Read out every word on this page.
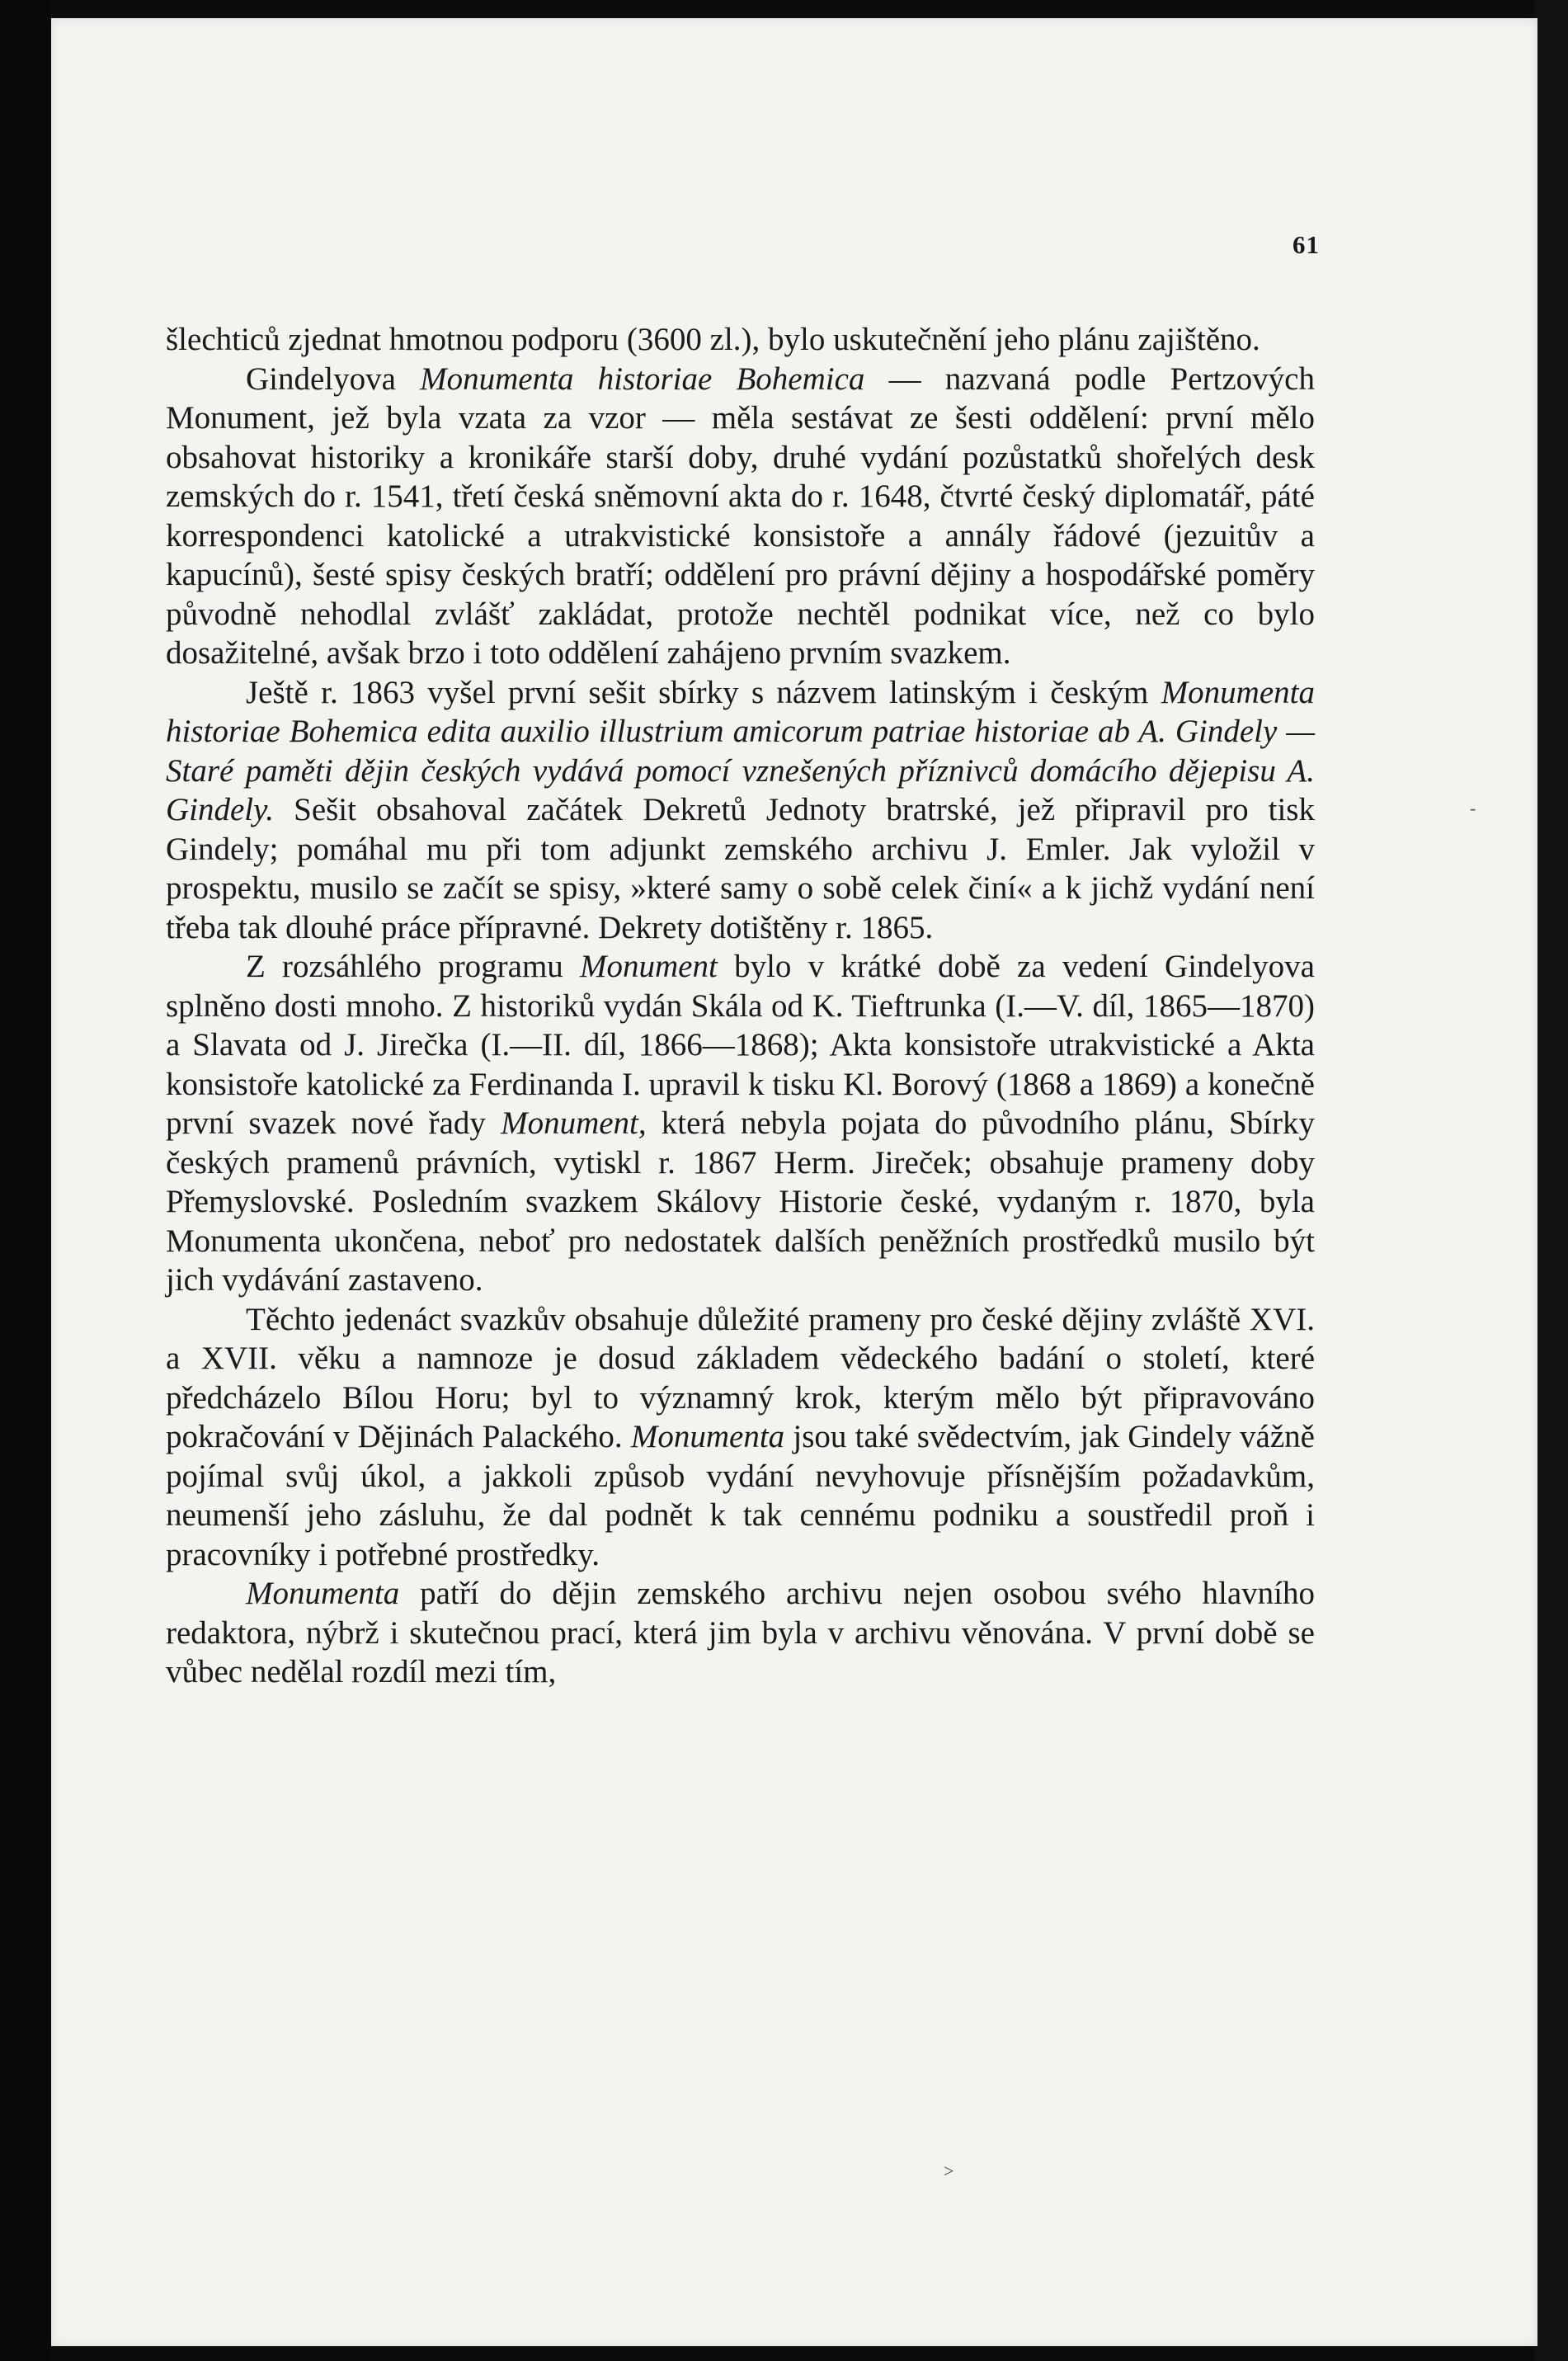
61

šlechticů zjednat hmotnou podporu (3600 zl.), bylo uskutečnění jeho plánu zajištěno.

Gindelyova Monumenta historiae Bohemica — nazvaná podle Pertzových Monument, jež byla vzata za vzor — měla sestávat ze šesti oddělení: první mělo obsahovat historiky a kronikáře starší doby, druhé vydání pozůstatků shořelých desk zemských do r. 1541, třetí česká sněmovní akta do r. 1648, čtvrté český diplomatář, páté korrespondenci katolické a utrakvistické konsistoře a annály řádové (jezuitův a kapucínů), šesté spisy českých bratří; oddělení pro právní dějiny a hospodářské poměry původně nehodlal zvlášť zakládat, protože nechtěl podnikat více, než co bylo dosažitelné, avšak brzo i toto oddělení zahájeno prvním svazkem.

Ještě r. 1863 vyšel první sešit sbírky s názvem latinským i českým Monumenta historiae Bohemica edita auxilio illustrium amicorum patriae historiae ab A. Gindely — Staré paměti dějin českých vydává pomocí vznešených příznivců domácího dějepisu A. Gindely. Sešit obsahoval začátek Dekretů Jednoty bratrské, jež připravil pro tisk Gindely; pomáhal mu při tom adjunkt zemského archivu J. Emler. Jak vyložil v prospektu, musilo se začít se spisy, »které samy o sobě celek činí« a k jichž vydání není třeba tak dlouhé práce přípravné. Dekrety dotištěny r. 1865.

Z rozsáhlého programu Monument bylo v krátké době za vedení Gindelyova splněno dosti mnoho. Z historiků vydán Skála od K. Tieftrunka (I.—V. díl, 1865—1870) a Slavata od J. Jirečka (I.—II. díl, 1866—1868); Akta konsistoře utrakvistické a Akta konsistoře katolické za Ferdinanda I. upravil k tisku Kl. Borový (1868 a 1869) a konečně první svazek nové řady Monument, která nebyla pojata do původního plánu, Sbírky českých pramenů právních, vytiskl r. 1867 Herm. Jireček; obsahuje prameny doby Přemyslovské. Posledním svazkem Skálovy Historie české, vydaným r. 1870, byla Monumenta ukončena, neboť pro nedostatek dalších peněžních prostředků musilo být jich vydávání zastaveno.

Těchto jedenáct svazkův obsahuje důležité prameny pro české dějiny zvláště XVI. a XVII. věku a namnoze je dosud základem vědeckého badání o století, které předcházelo Bílou Horu; byl to významný krok, kterým mělo být připravováno pokračování v Dějinách Palackého. Monumenta jsou také svědectvím, jak Gindely vážně pojímal svůj úkol, a jakkoli způsob vydání nevyhovuje přísnějším požadavkům, neumenší jeho zásluhu, že dal podnět k tak cennému podniku a soustředil proň i pracovníky i potřebné prostředky.

Monumenta patří do dějin zemského archivu nejen osobou svého hlavního redaktora, nýbrž i skutečnou prací, která jim byla v archivu věnována. V první době se vůbec nedělal rozdíl mezi tím,

-
˃
